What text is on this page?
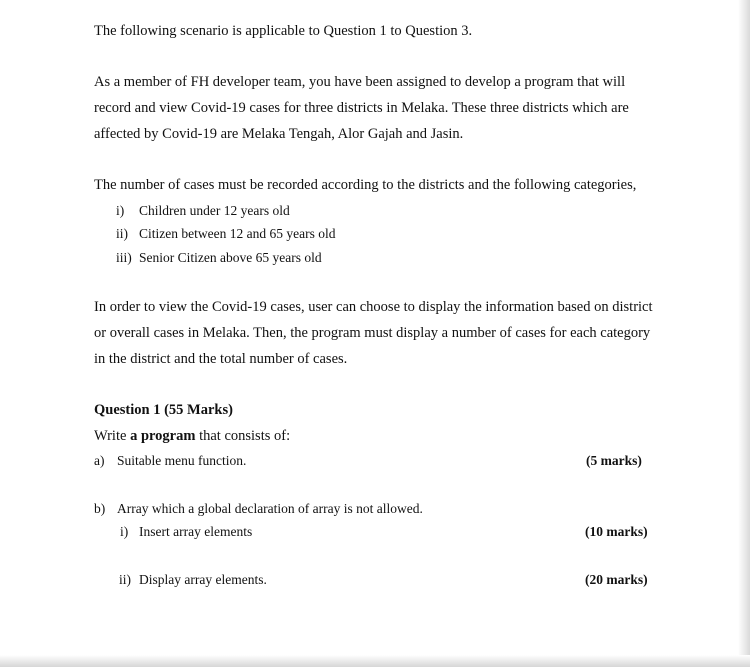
The following scenario is applicable to Question 1 to Question 3.
As a member of FH developer team, you have been assigned to develop a program that will
record and view Covid-19 cases for three districts in Melaka. These three districts which are
affected by Covid-19 are Melaka Tengah, Alor Gajah and Jasin.
The number of cases must be recorded according to the districts and the following categories,
i) Children under 12 years old
ii) Citizen between 12 and 65 years old
iii) Senior Citizen above 65 years old
In order to view the Covid-19 cases, user can choose to display the information based on district
or overall cases in Melaka. Then, the program must display a number of cases for each category
in the district and the total number of cases.
Question 1 (55 Marks)
Write a program that consists of:
a) Suitable menu function.	(5 marks)
b) Array which a global declaration of array is not allowed.
i) Insert array elements	(10 marks)
ii) Display array elements.	(20 marks)
